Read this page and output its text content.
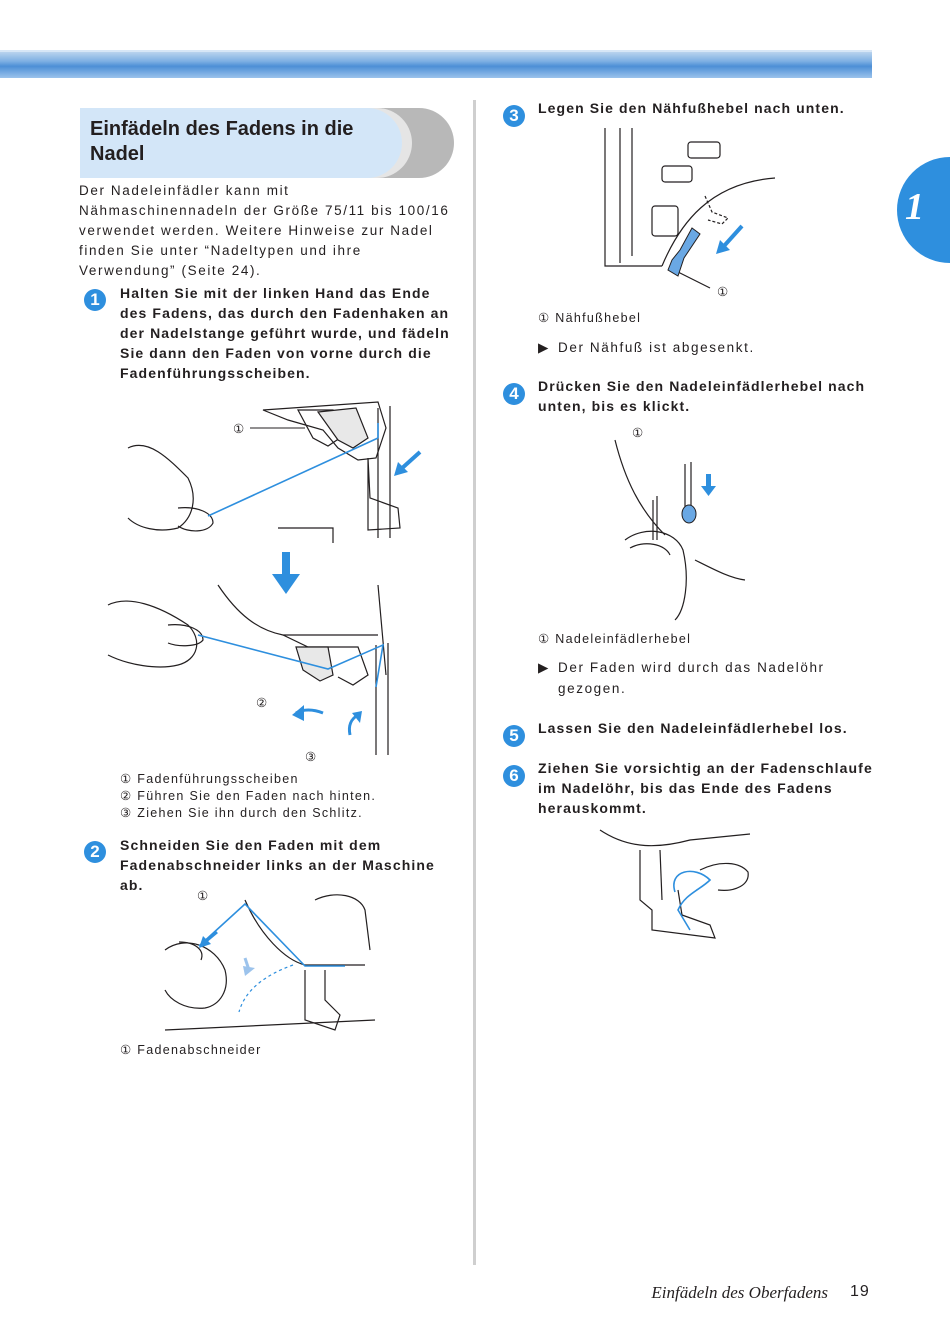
1
Einfädeln des Fadens in die Nadel
Der Nadeleinfädler kann mit Nähmaschinennadeln der Größe 75/11 bis 100/16 verwendet werden. Weitere Hinweise zur Nadel finden Sie unter “Nadeltypen und ihre Verwendung” (Seite 24).
1	Halten Sie mit der linken Hand das Ende des Fadens, das durch den Fadenhaken an der Nadelstange geführt wurde, und fädeln Sie dann den Faden von vorne durch die Fadenführungsscheiben.
①
②
③
① Fadenführungsscheiben
② Führen Sie den Faden nach hinten.
③ Ziehen Sie ihn durch den Schlitz.
2	Schneiden Sie den Faden mit dem Fadenabschneider links an der Maschine ab.
①
① Fadenabschneider
3	Legen Sie den Nähfußhebel nach unten.
①
① Nähfußhebel
▶ Der Nähfuß ist abgesenkt.
4	Drücken Sie den Nadeleinfädlerhebel nach unten, bis es klickt.
①
① Nadeleinfädlerhebel
▶ Der Faden wird durch das Nadelöhr gezogen.
5	Lassen Sie den Nadeleinfädlerhebel los.
6	Ziehen Sie vorsichtig an der Fadenschlaufe im Nadelöhr, bis das Ende des Fadens herauskommt.
Einfädeln des Oberfadens 19
